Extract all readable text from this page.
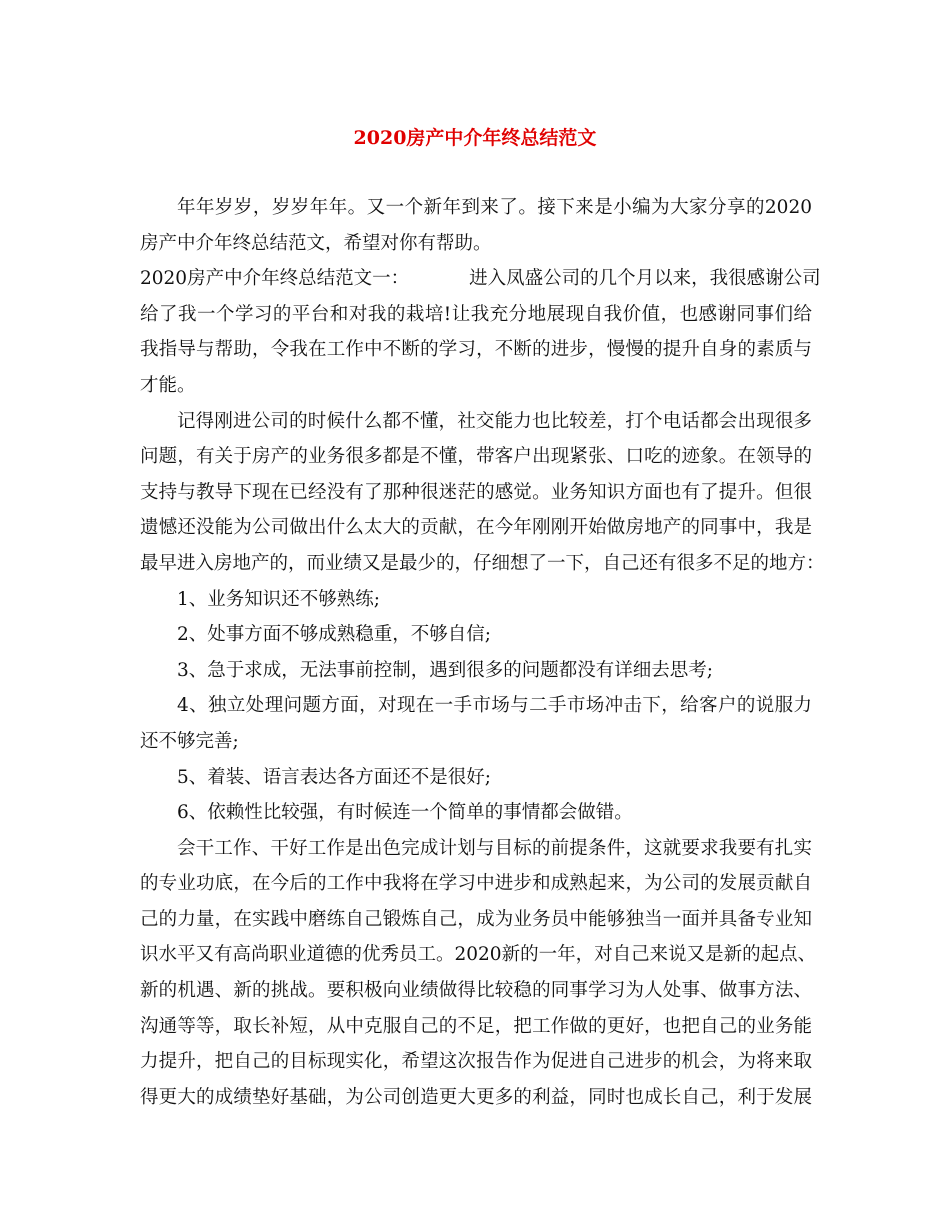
2020房产中介年终总结范文
年年岁岁，岁岁年年。又一个新年到来了。接下来是小编为大家分享的2020
房产中介年终总结范文，希望对你有帮助。
2020房产中介年终总结范文一：	进入凤盛公司的几个月以来，我很感谢公司
给了我一个学习的平台和对我的栽培!让我充分地展现自我价值，也感谢同事们给
我指导与帮助，令我在工作中不断的学习，不断的进步，慢慢的提升自身的素质与
才能。
记得刚进公司的时候什么都不懂，社交能力也比较差，打个电话都会出现很多
问题，有关于房产的业务很多都是不懂，带客户出现紧张、口吃的迹象。在领导的
支持与教导下现在已经没有了那种很迷茫的感觉。业务知识方面也有了提升。但很
遗憾还没能为公司做出什么太大的贡献，在今年刚刚开始做房地产的同事中，我是
最早进入房地产的，而业绩又是最少的，仔细想了一下，自己还有很多不足的地方：
1、业务知识还不够熟练;
2、处事方面不够成熟稳重，不够自信;
3、急于求成，无法事前控制，遇到很多的问题都没有详细去思考;
4、独立处理问题方面，对现在一手市场与二手市场冲击下，给客户的说服力
还不够完善;
5、着装、语言表达各方面还不是很好;
6、依赖性比较强，有时候连一个简单的事情都会做错。
会干工作、干好工作是出色完成计划与目标的前提条件，这就要求我要有扎实
的专业功底，在今后的工作中我将在学习中进步和成熟起来，为公司的发展贡献自
己的力量，在实践中磨练自己锻炼自己，成为业务员中能够独当一面并具备专业知
识水平又有高尚职业道德的优秀员工。2020新的一年，对自己来说又是新的起点、
新的机遇、新的挑战。要积极向业绩做得比较稳的同事学习为人处事、做事方法、
沟通等等，取长补短，从中克服自己的不足，把工作做的更好，也把自己的业务能
力提升，把自己的目标现实化，希望这次报告作为促进自己进步的机会，为将来取
得更大的成绩垫好基础，为公司创造更大更多的利益，同时也成长自己，利于发展
